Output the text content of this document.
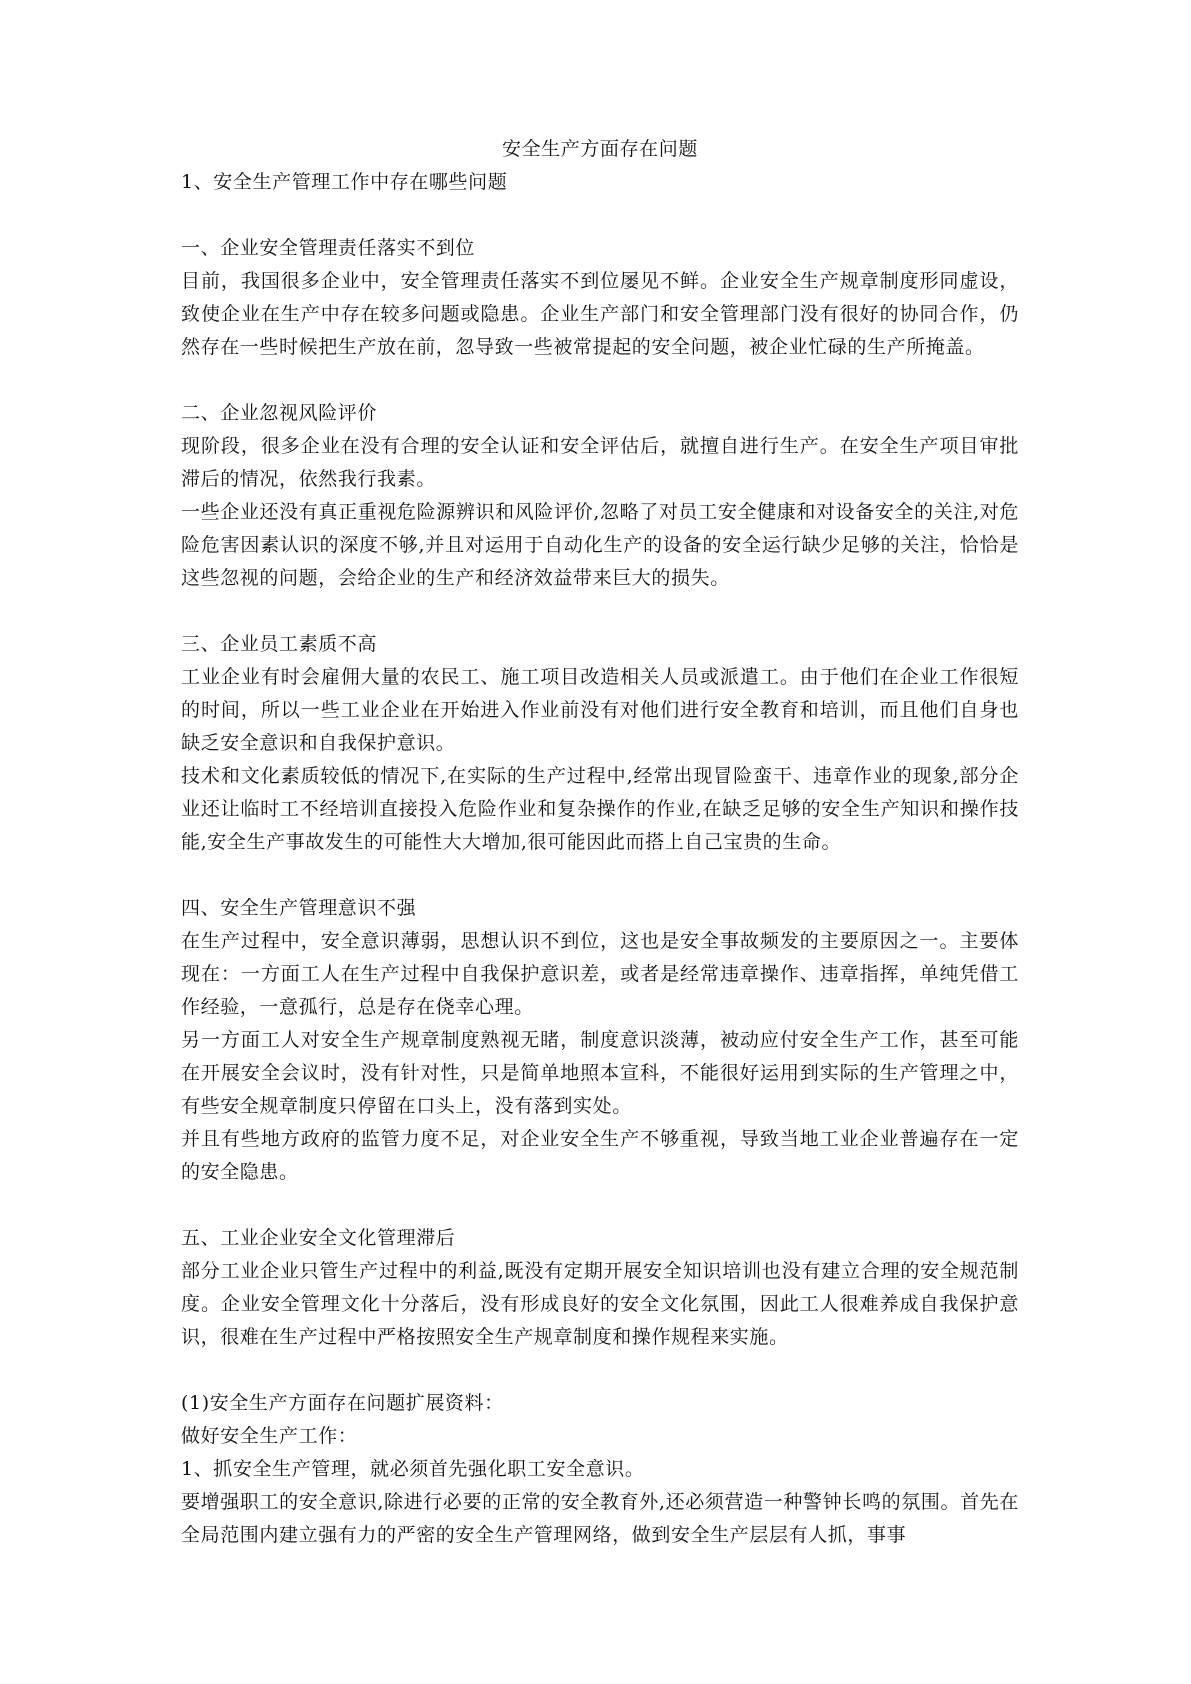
安全生产方面存在问题

1、安全生产管理工作中存在哪些问题

一、企业安全管理责任落实不到位

目前，我国很多企业中，安全管理责任落实不到位屡见不鲜。企业安全生产规章制度形同虚设，致使企业在生产中存在较多问题或隐患。企业生产部门和安全管理部门没有很好的协同合作，仍然存在一些时候把生产放在前，忽导致一些被常提起的安全问题，被企业忙碌的生产所掩盖。

二、企业忽视风险评价

现阶段，很多企业在没有合理的安全认证和安全评估后，就擅自进行生产。在安全生产项目审批滞后的情况，依然我行我素。

一些企业还没有真正重视危险源辨识和风险评价,忽略了对员工安全健康和对设备安全的关注,对危险危害因素认识的深度不够,并且对运用于自动化生产的设备的安全运行缺少足够的关注，恰恰是这些忽视的问题，会给企业的生产和经济效益带来巨大的损失。

三、企业员工素质不高

工业企业有时会雇佣大量的农民工、施工项目改造相关人员或派遣工。由于他们在企业工作很短的时间，所以一些工业企业在开始进入作业前没有对他们进行安全教育和培训，而且他们自身也缺乏安全意识和自我保护意识。

技术和文化素质较低的情况下,在实际的生产过程中,经常出现冒险蛮干、违章作业的现象,部分企业还让临时工不经培训直接投入危险作业和复杂操作的作业,在缺乏足够的安全生产知识和操作技能,安全生产事故发生的可能性大大增加,很可能因此而搭上自己宝贵的生命。

四、安全生产管理意识不强

在生产过程中，安全意识薄弱，思想认识不到位，这也是安全事故频发的主要原因之一。主要体现在：一方面工人在生产过程中自我保护意识差，或者是经常违章操作、违章指挥，单纯凭借工作经验，一意孤行，总是存在侥幸心理。

另一方面工人对安全生产规章制度熟视无睹，制度意识淡薄，被动应付安全生产工作，甚至可能在开展安全会议时，没有针对性，只是简单地照本宣科，不能很好运用到实际的生产管理之中，有些安全规章制度只停留在口头上，没有落到实处。

并且有些地方政府的监管力度不足，对企业安全生产不够重视，导致当地工业企业普遍存在一定的安全隐患。

五、工业企业安全文化管理滞后

部分工业企业只管生产过程中的利益,既没有定期开展安全知识培训也没有建立合理的安全规范制度。企业安全管理文化十分落后，没有形成良好的安全文化氛围，因此工人很难养成自我保护意识，很难在生产过程中严格按照安全生产规章制度和操作规程来实施。

(1)安全生产方面存在问题扩展资料：

做好安全生产工作：

1、抓安全生产管理，就必须首先强化职工安全意识。

要增强职工的安全意识,除进行必要的正常的安全教育外,还必须营造一种警钟长鸣的氛围。首先在全局范围内建立强有力的严密的安全生产管理网络，做到安全生产层层有人抓，事事
